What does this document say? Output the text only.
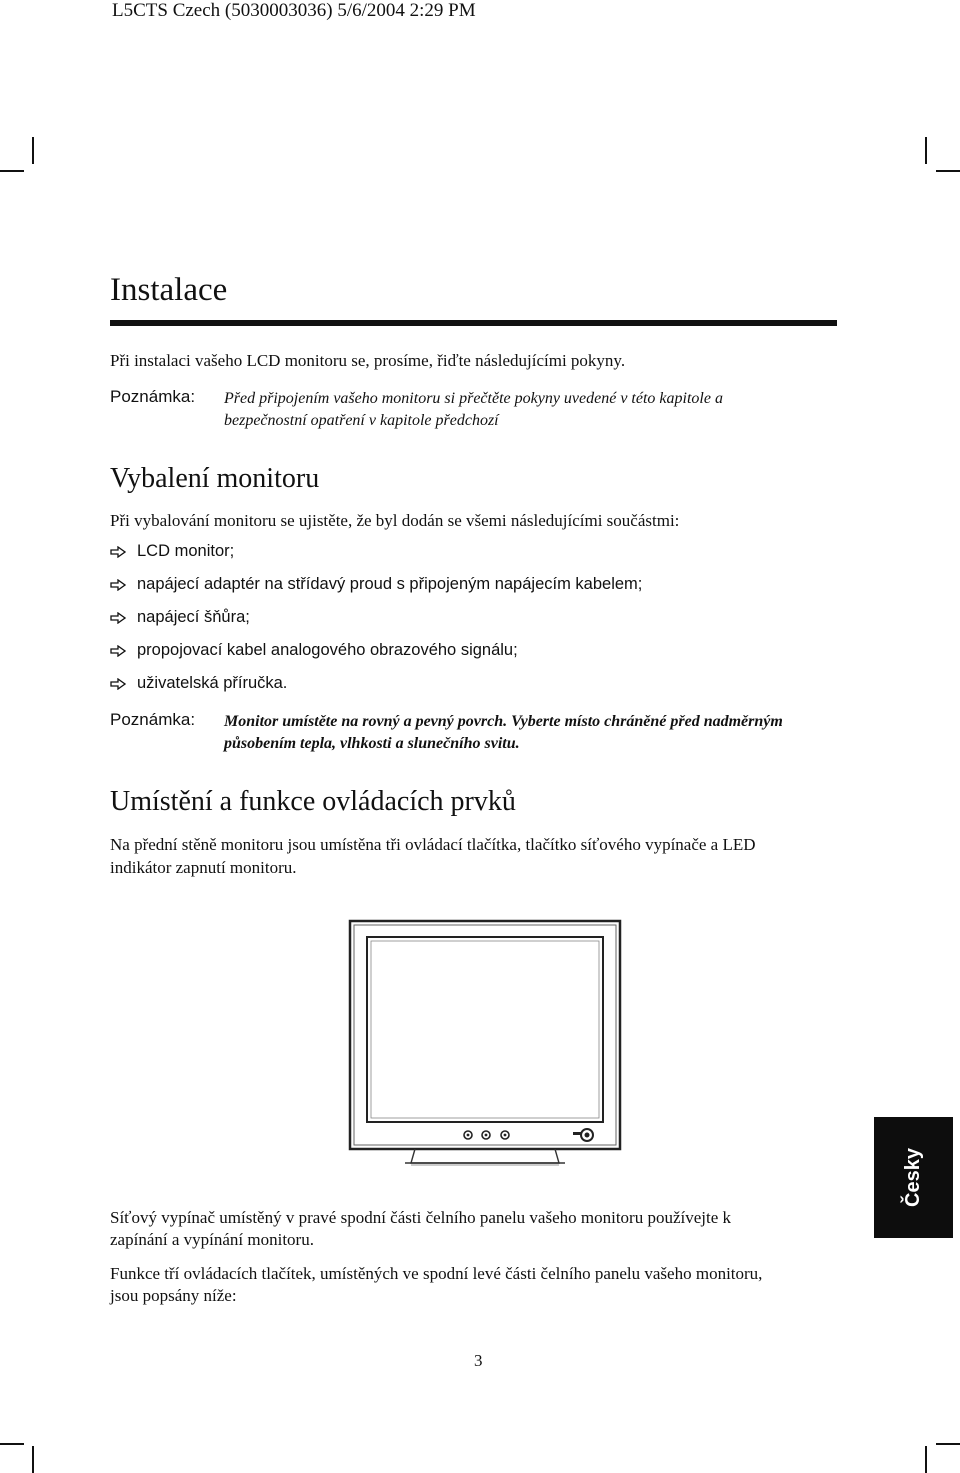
L5CTS Czech (5030003036) 5/6/2004 2:29 PM
Instalace
Při instalaci vašeho LCD monitoru se, prosíme, řiďte následujícími pokyny.
Poznámka: Před připojením vašeho monitoru si přečtěte pokyny uvedené v této kapitole a
bezpečnostní opatření v kapitole předchozí
Vybalení monitoru
Při vybalování monitoru se ujistěte, že byl dodán se všemi následujícími součástmi:
LCD monitor;
napájecí adaptér na střídavý proud s připojeným napájecím kabelem;
napájecí šňůra;
propojovací kabel analogového obrazového signálu;
uživatelská příručka.
Poznámka: Monitor umístěte na rovný a pevný povrch. Vyberte místo chráněné před nadměrným
působením tepla, vlhkosti a slunečního svitu.
Umístění a funkce ovládacích prvků
Na přední stěně monitoru jsou umístěna tři ovládací tlačítka, tlačítko síťového vypínače a LED
indikátor zapnutí monitoru.
Česky
Síťový vypínač umístěný v pravé spodní části čelního panelu vašeho monitoru používejte k
zapínání a vypínání monitoru.
Funkce tří ovládacích tlačítek, umístěných ve spodní levé části čelního panelu vašeho monitoru,
jsou popsány níže:
3
